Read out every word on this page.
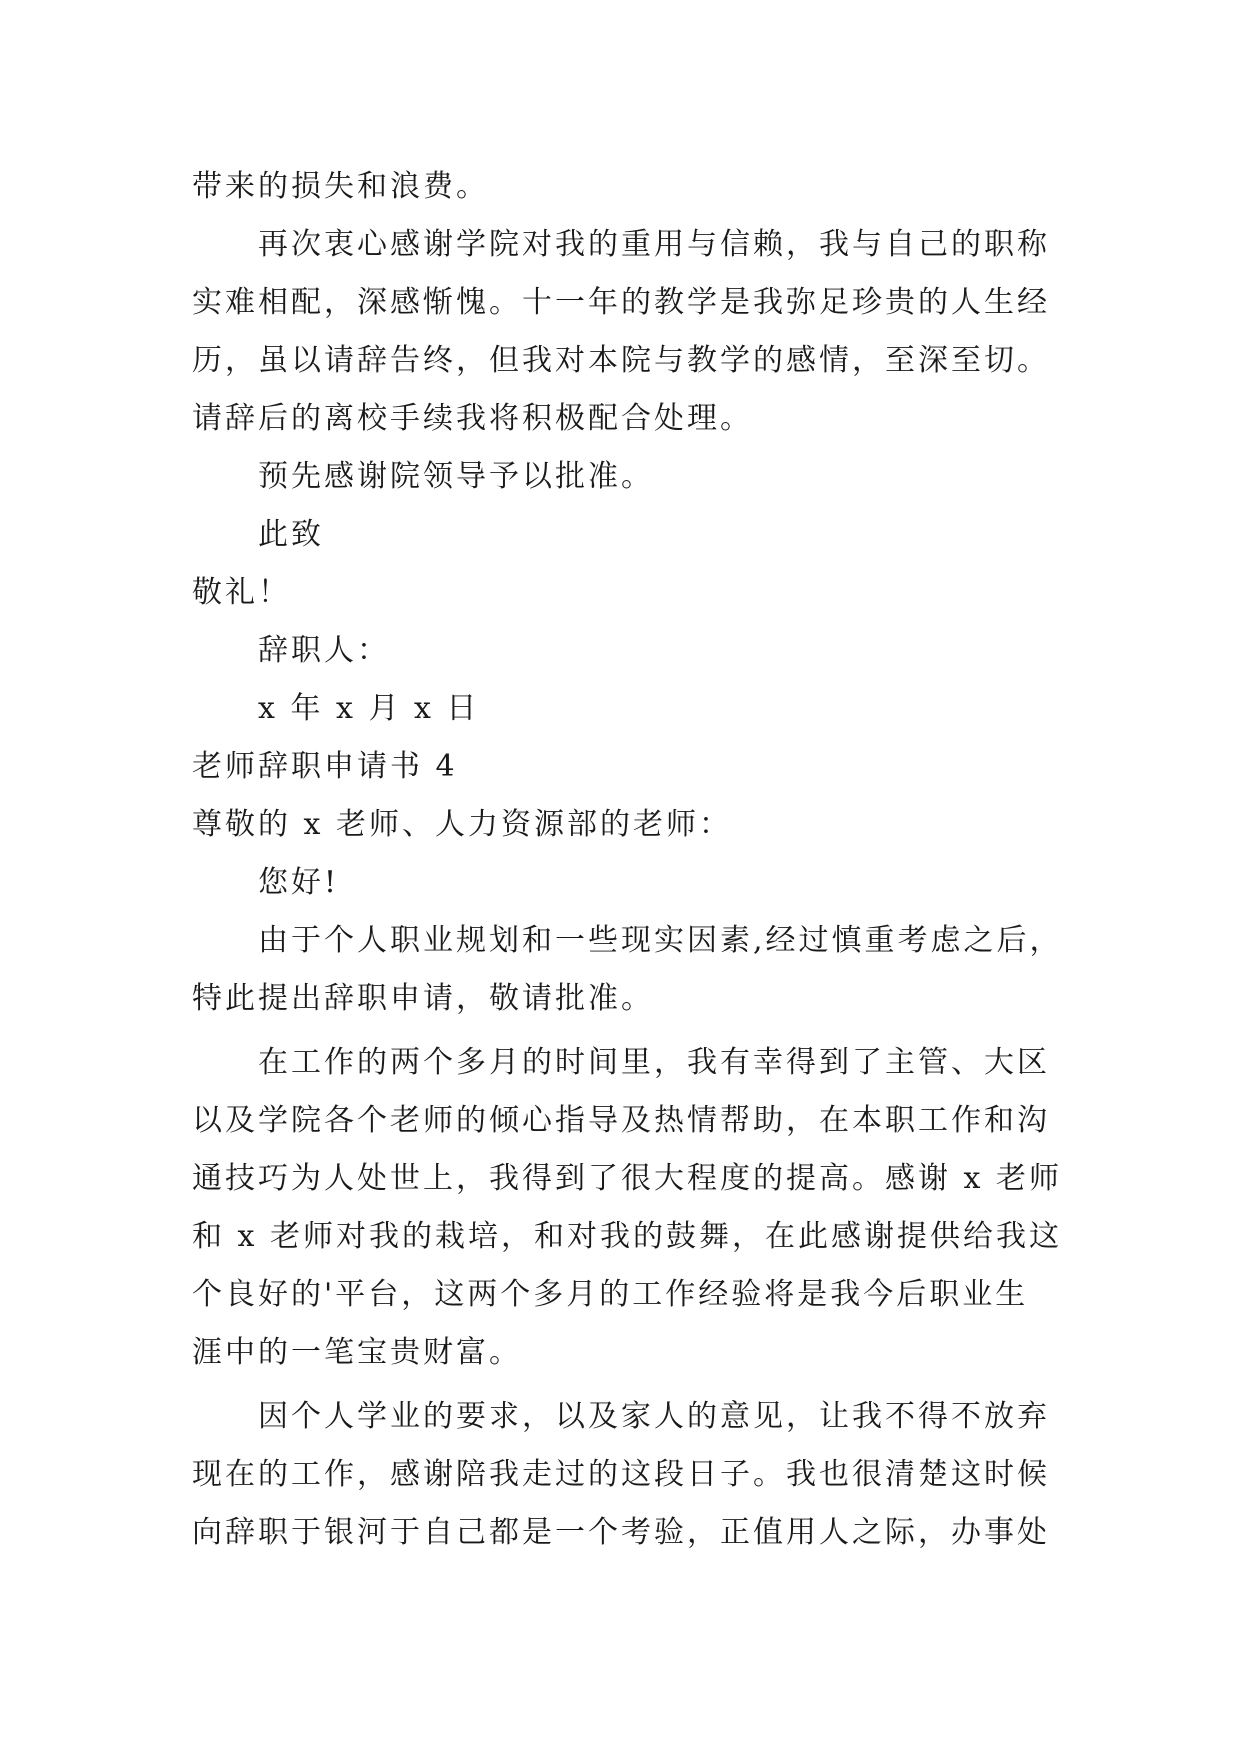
带来的损失和浪费。
再次衷心感谢学院对我的重用与信赖，我与自己的职称
实难相配，深感惭愧。十一年的教学是我弥足珍贵的人生经
历，虽以请辞告终，但我对本院与教学的感情，至深至切。
请辞后的离校手续我将积极配合处理。
预先感谢院领导予以批准。
此致
敬礼！
辞职人：
x 年 x 月 x 日
老师辞职申请书 4
尊敬的 x 老师、人力资源部的老师：
您好!
由于个人职业规划和一些现实因素,经过慎重考虑之后，
特此提出辞职申请，敬请批准。
在工作的两个多月的时间里，我有幸得到了主管、大区
以及学院各个老师的倾心指导及热情帮助，在本职工作和沟
通技巧为人处世上，我得到了很大程度的提高。感谢 x 老师
和 x 老师对我的栽培，和对我的鼓舞，在此感谢提供给我这
个良好的'平台，这两个多月的工作经验将是我今后职业生
涯中的一笔宝贵财富。
因个人学业的要求，以及家人的意见，让我不得不放弃
现在的工作，感谢陪我走过的这段日子。我也很清楚这时候
向辞职于银河于自己都是一个考验，正值用人之际，办事处
